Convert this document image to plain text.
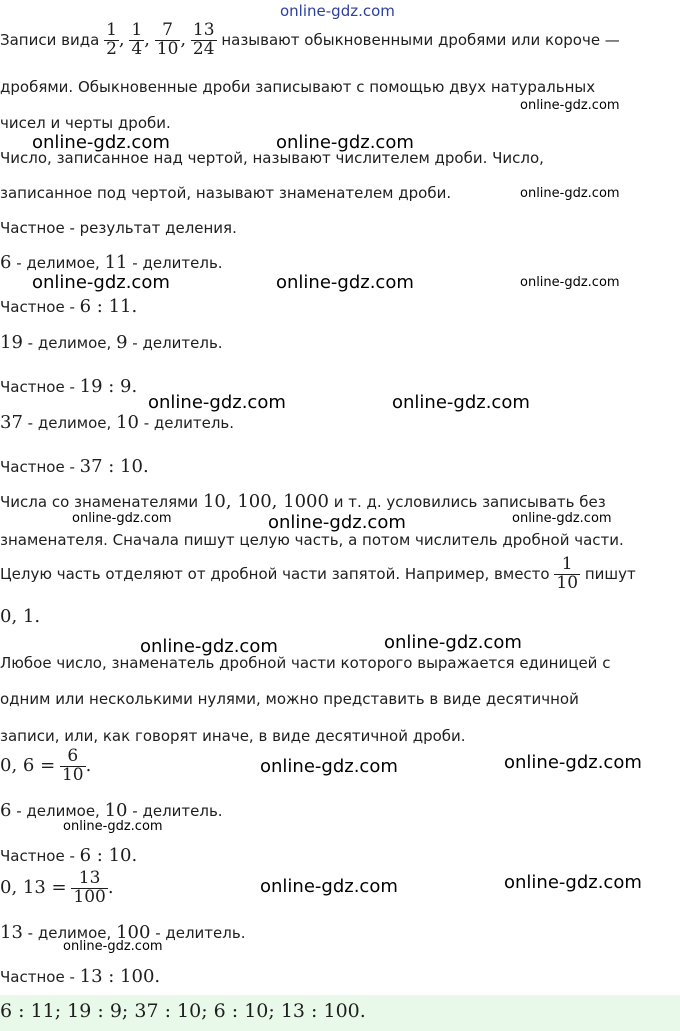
online-gdz.com
Записи вида $\frac{1}{2}$ , $\frac{1}{4}$ , $\frac{7}{10}$ , $\frac{13}{24}$ называют обыкновенными дробями или короче —
дробями. Обыкновенные дроби записывают с помощью двух натуральных
чисел и черты дроби.
Число, записанное над чертой, называют числителем дроби. Число,
записанное под чертой, называют знаменателем дроби.
Частное - результат деления.
6 - делимое, 11 - делитель.
Частное - 6 : 11.
19 - делимое, 9 - делитель.
Частное - 19 : 9.
37 - делимое, 10 - делитель.
Частное - 37 : 10.
Числа со знаменателями 10, 100, 1000 и т. д. условились записывать без
знаменателя. Сначала пишут целую часть, а потом числитель дробной части.
Целую часть отделяют от дробной части запятой. Например, вместо $\frac{1}{10}$ пишут
0, 1.
Любое число, знаменатель дробной части которого выражается единицей с
одним или несколькими нулями, можно представить в виде десятичной
записи, или, как говорят иначе, в виде десятичной дроби.
0, $6 = \frac{6}{10}$ .
6 - делимое, 10 - делитель.
Частное - 6 : 10.
0, $13 = \frac{13}{100}$ .
13 - делимое, 100 - делитель.
Частное - 13 : 100.
6 : 11; 19 : 9; 37 : 10; 6 : 10; 13 : 100.
online-gdz.com
online-gdz.com	online-gdz.com
online-gdz.com
online-gdz.com	online-gdz.com	online-gdz.com
online-gdz.com	online-gdz.com
online-gdz.com	online-gdz.com	online-gdz.com
online-gdz.com	online-gdz.com
online-gdz.com	online-gdz.com
online-gdz.com
online-gdz.com	online-gdz.com
online-gdz.com
